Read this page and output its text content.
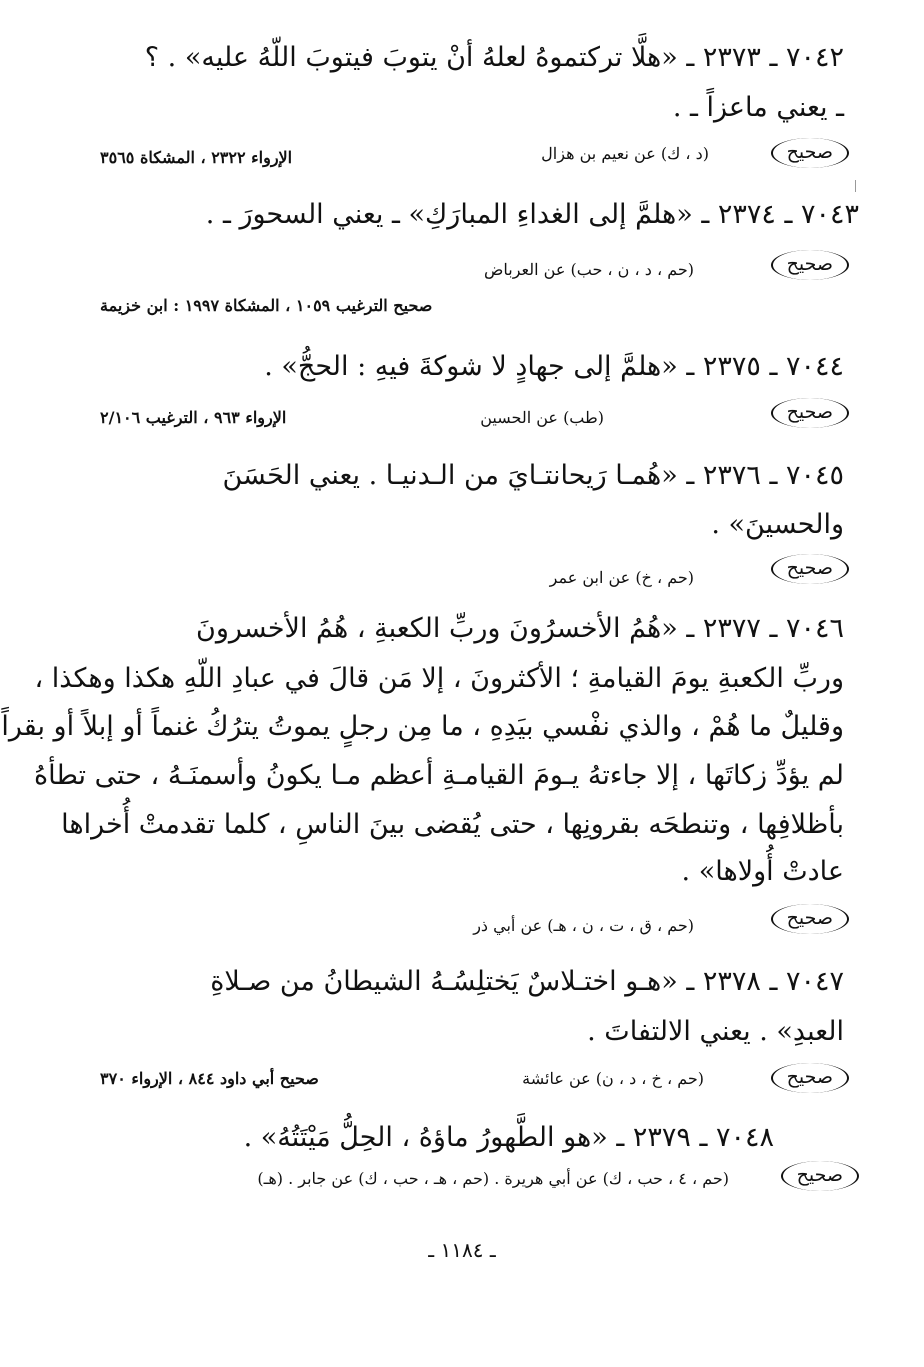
٧٠٤٢ ـ ٢٣٧٣ ـ «هلَّا تركتموهُ لعلهُ أنْ يتوبَ فيتوبَ اللّهُ عليه» . ؟
ـ يعني ماعزاً ـ .
صحيح
(د ، ك) عن نعيم بن هزال
الإرواء ٢٣٢٢ ، المشكاة ٣٥٦٥
٧٠٤٣ ـ ٢٣٧٤ ـ «هلمَّ إلى الغداءِ المبارَكِ» ـ يعني السحورَ ـ .
صحيح
(حم ، د ، ن ، حب) عن العرباض
صحيح الترغيب ١٠٥٩ ، المشكاة ١٩٩٧ : ابن خزيمة
٧٠٤٤ ـ ٢٣٧٥ ـ «هلمَّ إلى جهادٍ لا شوكةَ فيهِ : الحجُّ» .
صحيح
(طب) عن الحسين
الإرواء ٩٦٣ ، الترغيب ٢/١٠٦
٧٠٤٥ ـ ٢٣٧٦ ـ «هُمـا رَيحانتـايَ من الـدنيـا . يعني الحَسَنَ
والحسينَ» .
صحيح
(حم ، خ) عن ابن عمر
٧٠٤٦ ـ ٢٣٧٧ ـ «هُمُ الأخسرُونَ وربِّ الكعبةِ ، هُمُ الأخسرونَ
وربِّ الكعبةِ يومَ القيامةِ ؛ الأكثرونَ ، إلا مَن قالَ في عبادِ اللّهِ هكذا وهكذا ،
وقليلٌ ما هُمْ ، والذي نفْسي بيَدِهِ ، ما مِن رجلٍ يموتُ يترُكُ غنماً أو إبلاً أو بقراً
لم يؤدِّ زكاتَها ، إلا جاءتهُ يـومَ القيامـةِ أعظم مـا يكونُ وأسمنَـهُ ، حتى تطأهُ
بأظلافِها ، وتنطحَه بقرونِها ، حتى يُقضى بينَ الناسِ ، كلما تقدمتْ أُخراها
عادتْ أُولاها» .
صحيح
(حم ، ق ، ت ، ن ، هـ) عن أبي ذر
٧٠٤٧ ـ ٢٣٧٨ ـ «هـو اختـلاسٌ يَختلِسُـهُ الشيطانُ من صـلاةِ
العبدِ» . يعني الالتفاتَ .
صحيح
(حم ، خ ، د ، ن) عن عائشة
صحيح أبي داود ٨٤٤ ، الإرواء ٣٧٠
٧٠٤٨ ـ ٢٣٧٩ ـ «هو الطَّهورُ ماؤهُ ، الحِلُّ مَيْتَتُهُ» .
صحيح
(حم ، ٤ ، حب ، ك) عن أبي هريرة . (حم ، هـ ، حب ، ك) عن جابر . (هـ)
ـ ١١٨٤ ـ
